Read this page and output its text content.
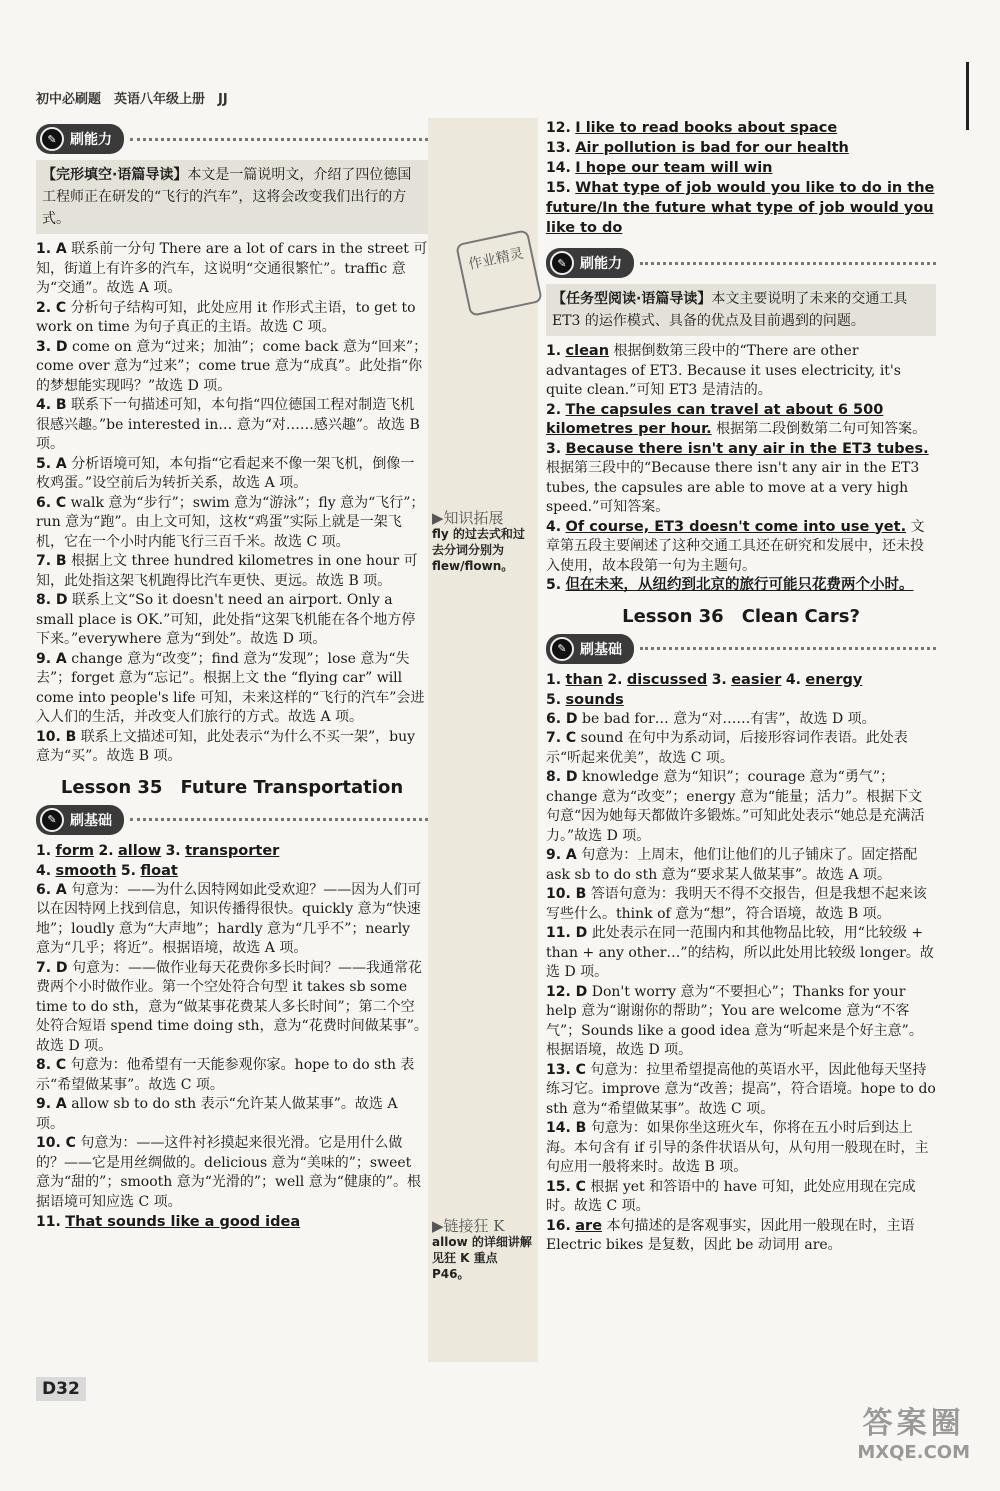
初中必刷题　英语八年级上册　JJ
作业精灵
▶知识拓展
fly 的过去式和过去分词分别为 flew/flown。
▶链接狂 K
allow 的详细讲解见狂 K 重点 P46。
✎ 刷能力
【完形填空·语篇导读】本文是一篇说明文，介绍了四位德国工程师正在研发的“飞行的汽车”，这将会改变我们出行的方式。
1. A 联系前一分句 There are a lot of cars in the street 可知，街道上有许多的汽车，这说明“交通很繁忙”。traffic 意为“交通”。故选 A 项。
2. C 分析句子结构可知，此处应用 it 作形式主语，to get to work on time 为句子真正的主语。故选 C 项。
3. D come on 意为“过来；加油”；come back 意为“回来”；come over 意为“过来”；come true 意为“成真”。此处指“你的梦想能实现吗？”故选 D 项。
4. B 联系下一句描述可知，本句指“四位德国工程对制造飞机很感兴趣。”be interested in… 意为“对……感兴趣”。故选 B 项。
5. A 分析语境可知，本句指“它看起来不像一架飞机，倒像一枚鸡蛋。”设空前后为转折关系，故选 A 项。
6. C walk 意为“步行”；swim 意为“游泳”；fly 意为“飞行”；run 意为“跑”。由上文可知，这枚“鸡蛋”实际上就是一架飞机，它在一个小时内能飞行三百千米。故选 C 项。
7. B 根据上文 three hundred kilometres in one hour 可知，此处指这架飞机跑得比汽车更快、更远。故选 B 项。
8. D 联系上文“So it doesn't need an airport. Only a small place is OK.”可知，此处指“这架飞机能在各个地方停下来。”everywhere 意为“到处”。故选 D 项。
9. A change 意为“改变”；find 意为“发现”；lose 意为“失去”；forget 意为“忘记”。根据上文 the “flying car” will come into people's life 可知，未来这样的“飞行的汽车”会进入人们的生活，并改变人们旅行的方式。故选 A 项。
10. B 联系上文描述可知，此处表示“为什么不买一架”，buy 意为“买”。故选 B 项。
Lesson 35　Future Transportation
✎ 刷基础
1. form 2. allow 3. transporter
4. smooth 5. float
6. A 句意为：——为什么因特网如此受欢迎？——因为人们可以在因特网上找到信息，知识传播得很快。quickly 意为“快速地”；loudly 意为“大声地”；hardly 意为“几乎不”；nearly 意为“几乎；将近”。根据语境，故选 A 项。
7. D 句意为：——做作业每天花费你多长时间？——我通常花费两个小时做作业。第一个空处符合句型 it takes sb some time to do sth，意为“做某事花费某人多长时间”；第二个空处符合短语 spend time doing sth，意为“花费时间做某事”。故选 D 项。
8. C 句意为：他希望有一天能参观你家。hope to do sth 表示“希望做某事”。故选 C 项。
9. A allow sb to do sth 表示“允许某人做某事”。故选 A 项。
10. C 句意为：——这件衬衫摸起来很光滑。它是用什么做的？——它是用丝绸做的。delicious 意为“美味的”；sweet 意为“甜的”；smooth 意为“光滑的”；well 意为“健康的”。根据语境可知应选 C 项。
11. That sounds like a good idea
12. I like to read books about space
13. Air pollution is bad for our health
14. I hope our team will win
15. What type of job would you like to do in the future/In the future what type of job would you like to do
✎ 刷能力
【任务型阅读·语篇导读】本文主要说明了未来的交通工具 ET3 的运作模式、具备的优点及目前遇到的问题。
1. clean 根据倒数第三段中的“There are other advantages of ET3. Because it uses electricity, it's quite clean.”可知 ET3 是清洁的。
2. The capsules can travel at about 6 500 kilometres per hour. 根据第二段倒数第二句可知答案。
3. Because there isn't any air in the ET3 tubes. 根据第三段中的“Because there isn't any air in the ET3 tubes, the capsules are able to move at a very high speed.”可知答案。
4. Of course, ET3 doesn't come into use yet. 文章第五段主要阐述了这种交通工具还在研究和发展中，还未投入使用，故本段第一句为主题句。
5. 但在未来，从纽约到北京的旅行可能只花费两个小时。
Lesson 36　Clean Cars?
✎ 刷基础
1. than 2. discussed 3. easier 4. energy
5. sounds
6. D be bad for… 意为“对……有害”，故选 D 项。
7. C sound 在句中为系动词，后接形容词作表语。此处表示“听起来优美”，故选 C 项。
8. D knowledge 意为“知识”；courage 意为“勇气”；change 意为“改变”；energy 意为“能量；活力”。根据下文句意“因为她每天都做许多锻炼。”可知此处表示“她总是充满活力。”故选 D 项。
9. A 句意为：上周末，他们让他们的儿子铺床了。固定搭配 ask sb to do sth 意为“要求某人做某事”。故选 A 项。
10. B 答语句意为：我明天不得不交报告，但是我想不起来该写些什么。think of 意为“想”，符合语境，故选 B 项。
11. D 此处表示在同一范围内和其他物品比较，用“比较级 + than + any other…”的结构，所以此处用比较级 longer。故选 D 项。
12. D Don't worry 意为“不要担心”；Thanks for your help 意为“谢谢你的帮助”；You are welcome 意为“不客气”；Sounds like a good idea 意为“听起来是个好主意”。根据语境，故选 D 项。
13. C 句意为：拉里希望提高他的英语水平，因此他每天坚持练习它。improve 意为“改善；提高”，符合语境。hope to do sth 意为“希望做某事”。故选 C 项。
14. B 句意为：如果你坐这班火车，你将在五小时后到达上海。本句含有 if 引导的条件状语从句，从句用一般现在时，主句应用一般将来时。故选 B 项。
15. C 根据 yet 和答语中的 have 可知，此处应用现在完成时。故选 C 项。
16. are 本句描述的是客观事实，因此用一般现在时，主语 Electric bikes 是复数，因此 be 动词用 are。
D32
答案圈
MXQE.COM
